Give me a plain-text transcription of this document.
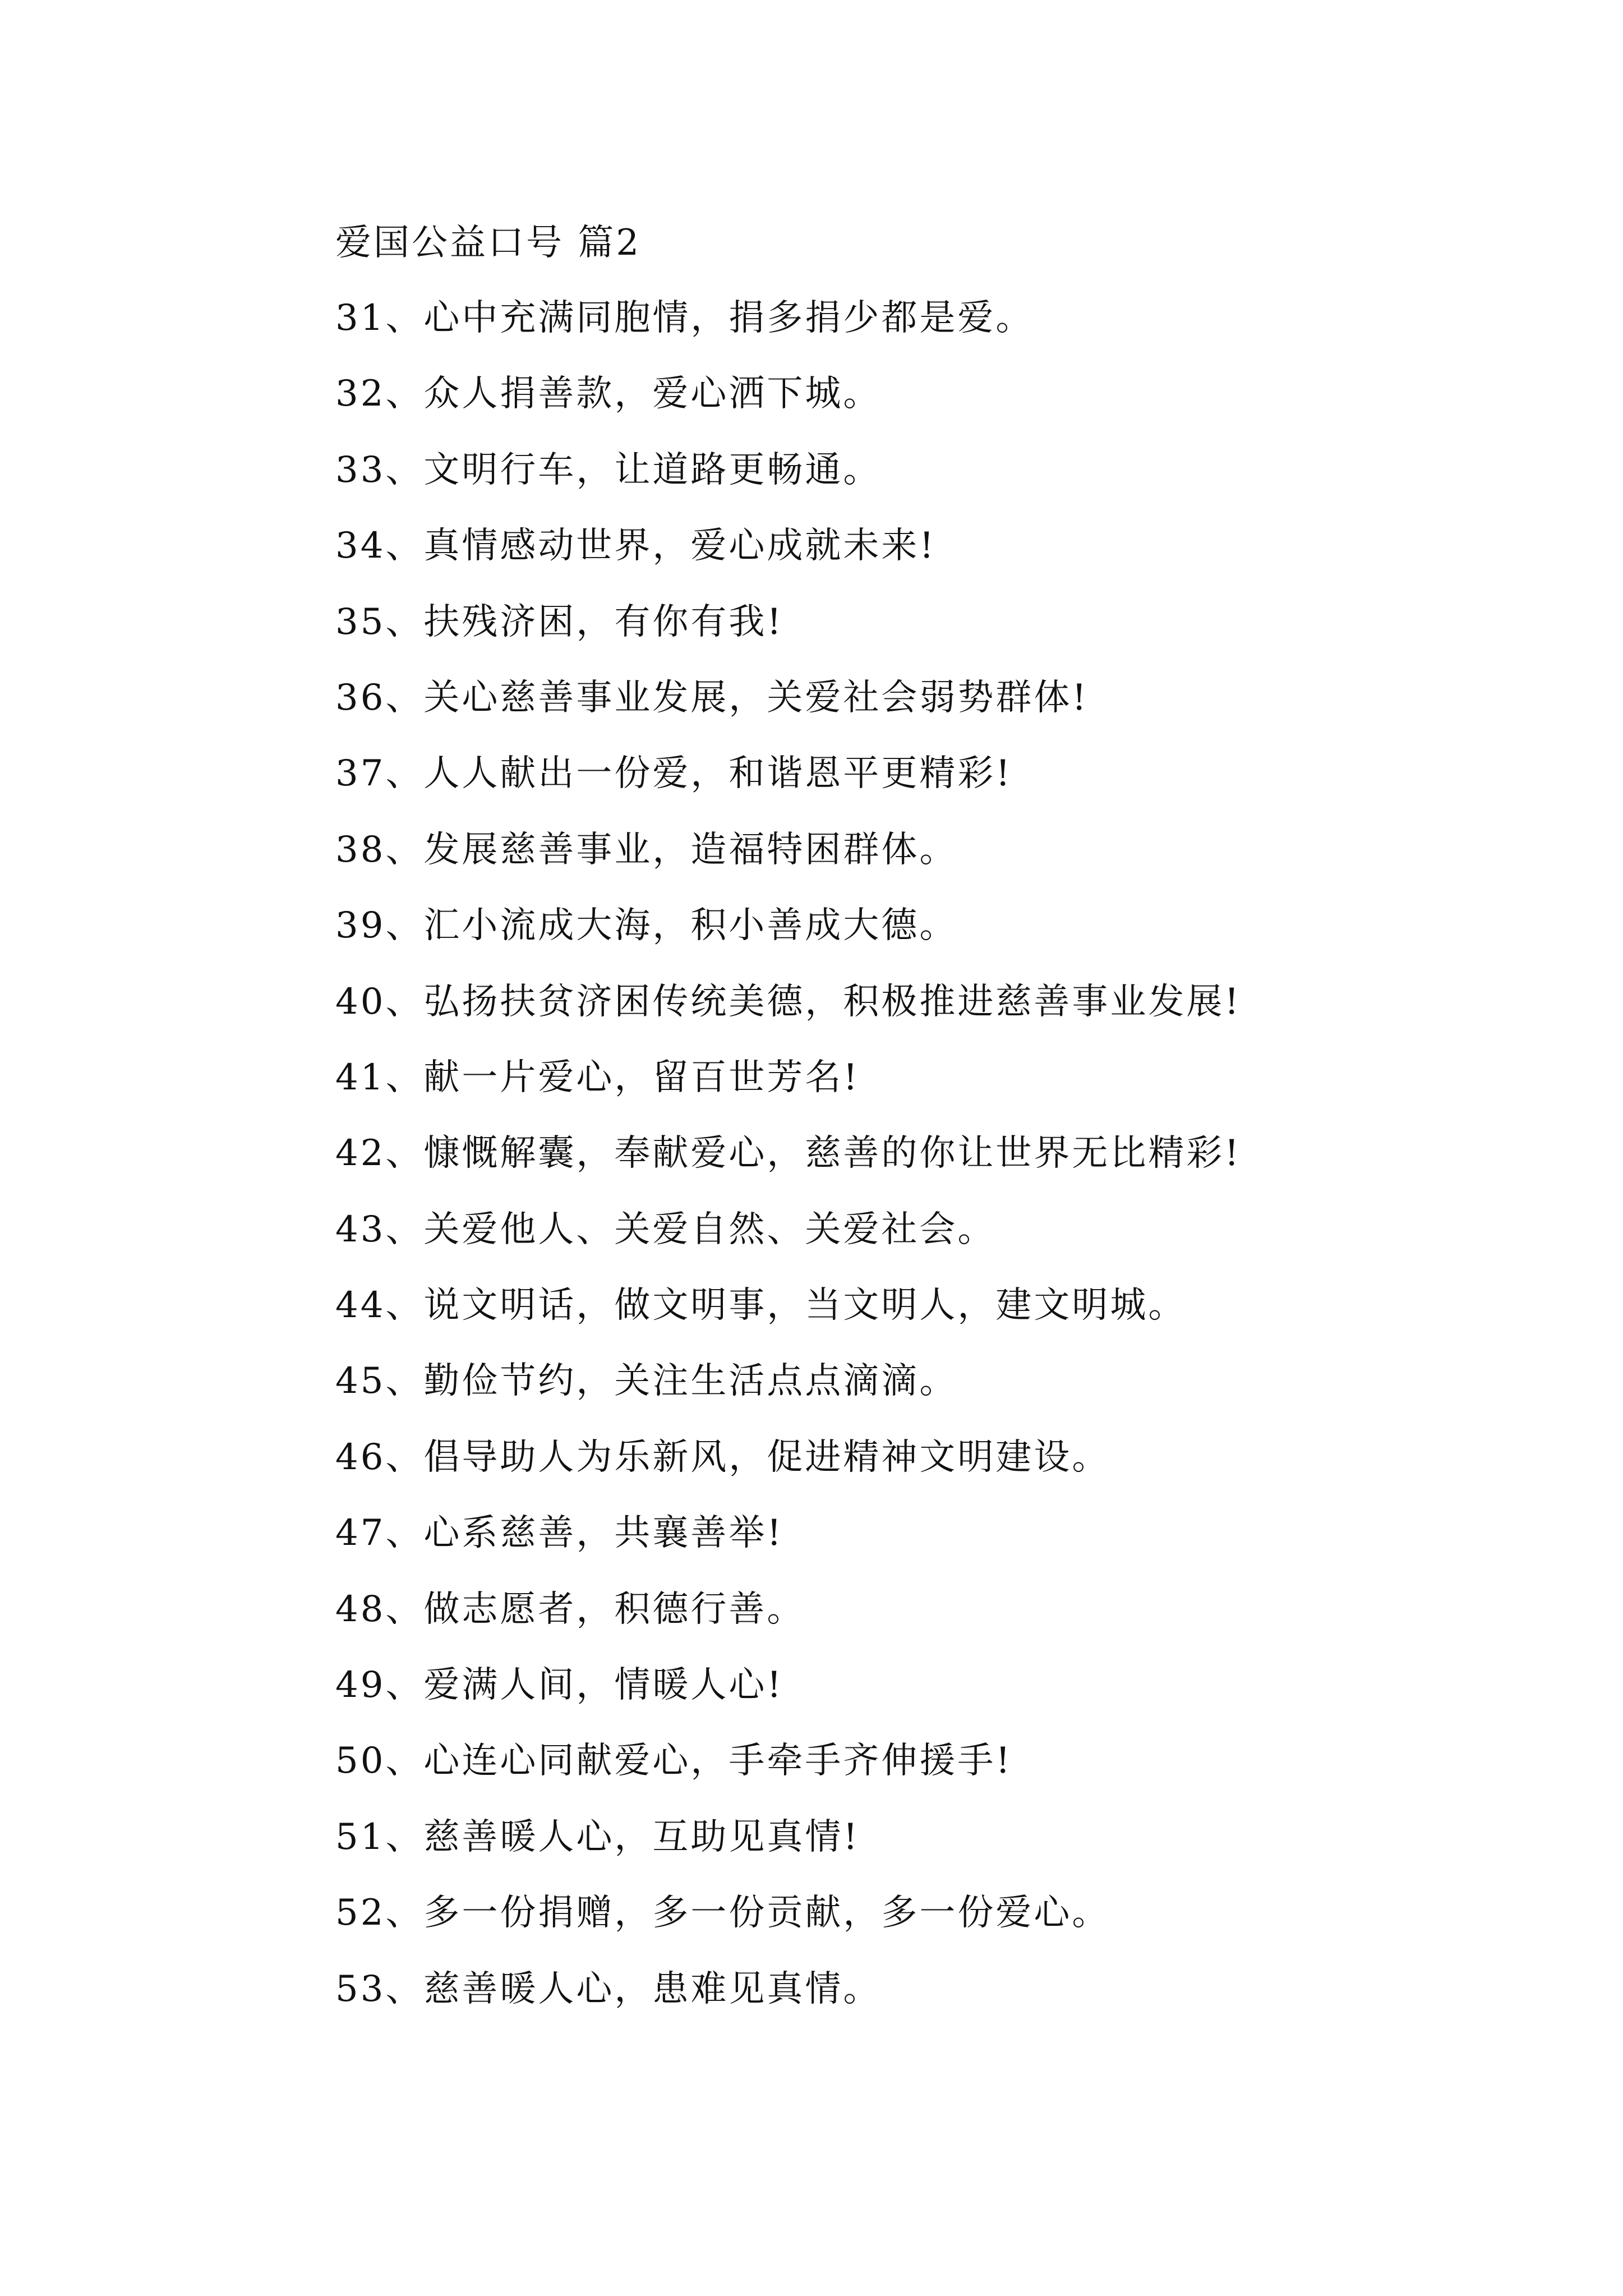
爱国公益口号 篇2
31、心中充满同胞情，捐多捐少都是爱。
32、众人捐善款，爱心洒下城。
33、文明行车，让道路更畅通。
34、真情感动世界，爱心成就未来!
35、扶残济困，有你有我!
36、关心慈善事业发展，关爱社会弱势群体!
37、人人献出一份爱，和谐恩平更精彩!
38、发展慈善事业，造福特困群体。
39、汇小流成大海，积小善成大德。
40、弘扬扶贫济困传统美德，积极推进慈善事业发展!
41、献一片爱心，留百世芳名!
42、慷慨解囊，奉献爱心，慈善的你让世界无比精彩!
43、关爱他人、关爱自然、关爱社会。
44、说文明话，做文明事，当文明人，建文明城。
45、勤俭节约，关注生活点点滴滴。
46、倡导助人为乐新风，促进精神文明建设。
47、心系慈善，共襄善举!
48、做志愿者，积德行善。
49、爱满人间，情暖人心!
50、心连心同献爱心，手牵手齐伸援手!
51、慈善暖人心，互助见真情!
52、多一份捐赠，多一份贡献，多一份爱心。
53、慈善暖人心，患难见真情。
